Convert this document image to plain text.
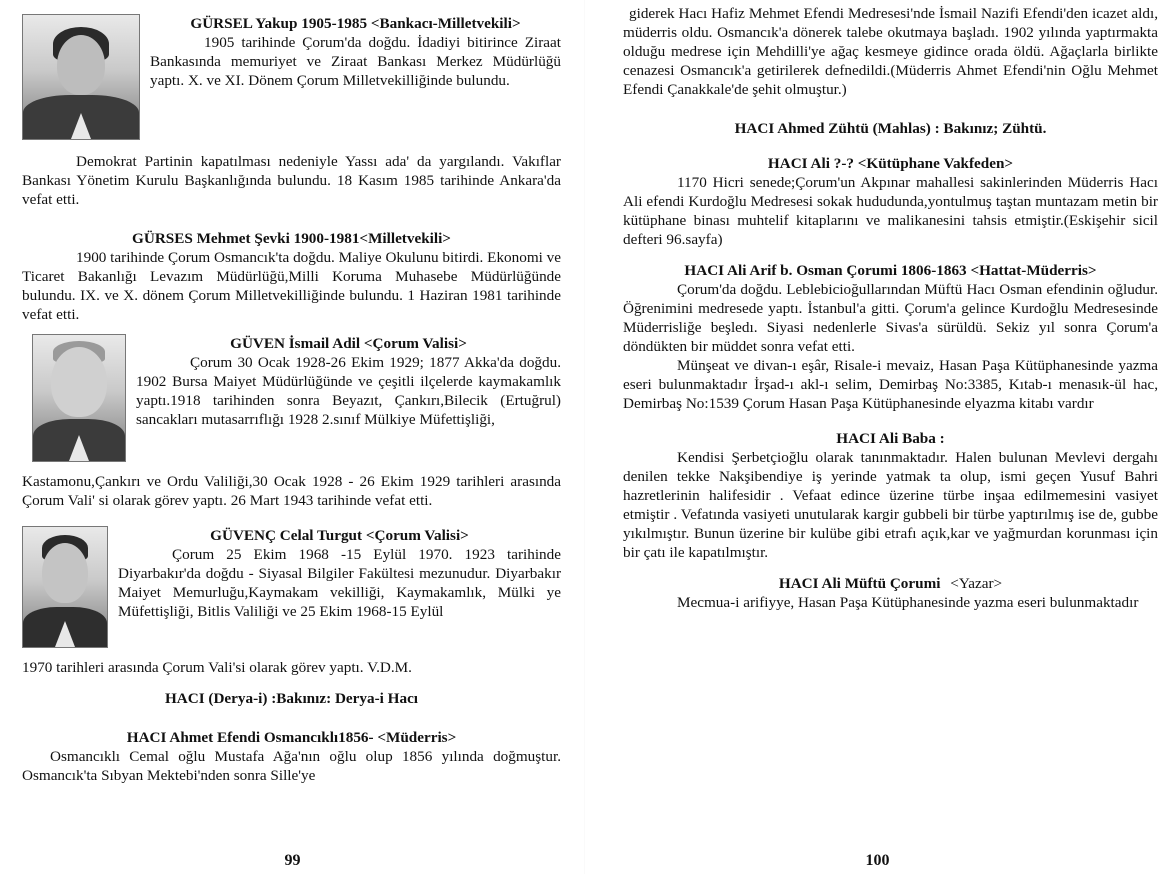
GÜRSEL Yakup 1905-1985 <Bankacı-Milletvekili>

1905 tarihinde Çorum'da doğdu. İdadiyi bitirince Ziraat Bankasında memuriyet ve Ziraat Bankası Merkez Müdürlüğü yaptı. X. ve XI. Dönem Çorum Milletvekilliğinde bulundu.

Demokrat Partinin kapatılması nedeniyle Yassı ada' da yargılandı. Vakıflar Bankası Yönetim Kurulu Başkanlığında bulundu. 18 Kasım 1985 tarihinde Ankara'da vefat etti.

GÜRSES Mehmet Şevki 1900-1981<Milletvekili>

1900 tarihinde Çorum Osmancık'ta doğdu. Maliye Okulunu bitirdi. Ekonomi ve Ticaret Bakanlığı Levazım Müdürlüğü,Milli Koruma Muhasebe Müdürlüğünde bulundu. IX. ve X. dönem Çorum Milletvekilliğinde bulundu. 1 Haziran 1981 tarihinde vefat etti.

GÜVEN İsmail Adil <Çorum Valisi>

Çorum 30 Ocak 1928-26 Ekim 1929; 1877 Akka'da doğdu. 1902 Bursa Maiyet Müdürlüğünde ve çeşitli ilçelerde kaymakamlık yaptı.1918 tarihinden sonra Beyazıt, Çankırı,Bilecik (Ertuğrul) sancakları mutasarrıflığı 1928 2.sınıf Mülkiye Müfettişliği,

Kastamonu,Çankırı ve Ordu Valiliği,30 Ocak 1928 - 26 Ekim 1929 tarihleri arasında Çorum Vali' si olarak görev yaptı. 26 Mart 1943 tarihinde vefat etti.

GÜVENÇ Celal Turgut <Çorum Valisi>

Çorum 25 Ekim 1968 -15 Eylül 1970. 1923 tarihinde Diyarbakır'da doğdu - Siyasal Bilgiler Fakültesi mezunudur. Diyarbakır Maiyet Memurluğu,Kaymakam vekilliği, Kaymakamlık, Mülki ye Müfettişliği, Bitlis Valiliği ve 25 Ekim 1968-15 Eylül

1970 tarihleri arasında Çorum Vali'si olarak görev yaptı. V.D.M.

HACI (Derya-i) :Bakınız: Derya-i Hacı
HACI Ahmet Efendi Osmancıklı1856- <Müderris>

Osmancıklı Cemal oğlu Mustafa Ağa'nın oğlu olup 1856 yılında doğmuştur. Osmancık'ta Sıbyan Mektebi'nden sonra Sille'ye

99

giderek Hacı Hafiz Mehmet Efendi Medresesi'nde İsmail Nazifi Efendi'den icazet aldı, müderris oldu. Osmancık'a dönerek talebe okutmaya başladı. 1902 yılında yaptırmakta olduğu medrese için Mehdilli'ye ağaç kesmeye gidince orada öldü. Ağaçlarla birlikte cenazesi Osmancık'a getirilerek defnedildi.(Müderris Ahmet Efendi'nin Oğlu Mehmet Efendi Çanakkale'de şehit olmuştur.)

HACI Ahmed Zühtü (Mahlas) : Bakınız; Zühtü.
HACI Ali ?-? <Kütüphane Vakfeden>

1170 Hicri senede;Çorum'un Akpınar mahallesi sakinlerinden Müderris Hacı Ali efendi Kurdoğlu Medresesi sokak hududunda,yontulmuş taştan muntazam metin bir kütüphane binası muhtelif kitaplarını ve malikanesini tahsis etmiştir.(Eskişehir sicil defteri 96.sayfa)

HACI Ali Arif b. Osman Çorumi 1806-1863 <Hattat-Müderris>

Çorum'da doğdu. Leblebicioğullarından Müftü Hacı Osman efendinin oğludur. Öğrenimini medresede yaptı. İstanbul'a gitti. Çorum'a gelince Kurdoğlu Medresesinde Müderrisliğe beşledı. Siyasi nedenlerle Sivas'a sürüldü. Sekiz yıl sonra Çorum'a döndükten bir müddet sonra vefat etti.

Münşeat ve divan-ı eşâr, Risale-i mevaiz, Hasan Paşa Kütüphanesinde yazma eseri bulunmaktadır İrşad-ı akl-ı selim, Demirbaş No:3385, Kıtab-ı menasık-ül hac, Demirbaş No:1539 Çorum Hasan Paşa Kütüphanesinde elyazma kitabı vardır

HACI Ali Baba :

Kendisi Şerbetçioğlu olarak tanınmaktadır. Halen bulunan Mevlevi dergahı denilen tekke Nakşibendiye iş yerinde yatmak ta olup, ismi geçen Yusuf Bahri hazretlerinin halifesidir . Vefaat edince üzerine türbe inşaa edilmemesini vasiyet etmiştir . Vefatında vasiyeti unutularak kargir gubbeli bir türbe yaptırılmış ise de, gubbe yıkılmıştır. Bunun üzerine bir kulübe gibi etrafı açık,kar ve yağmurdan korunması için bir çatı ile kapatılmıştır.

HACI Ali Müftü Çorumi <Yazar>

Mecmua-i arifiyye, Hasan Paşa Kütüphanesinde yazma eseri bulunmaktadır

100
